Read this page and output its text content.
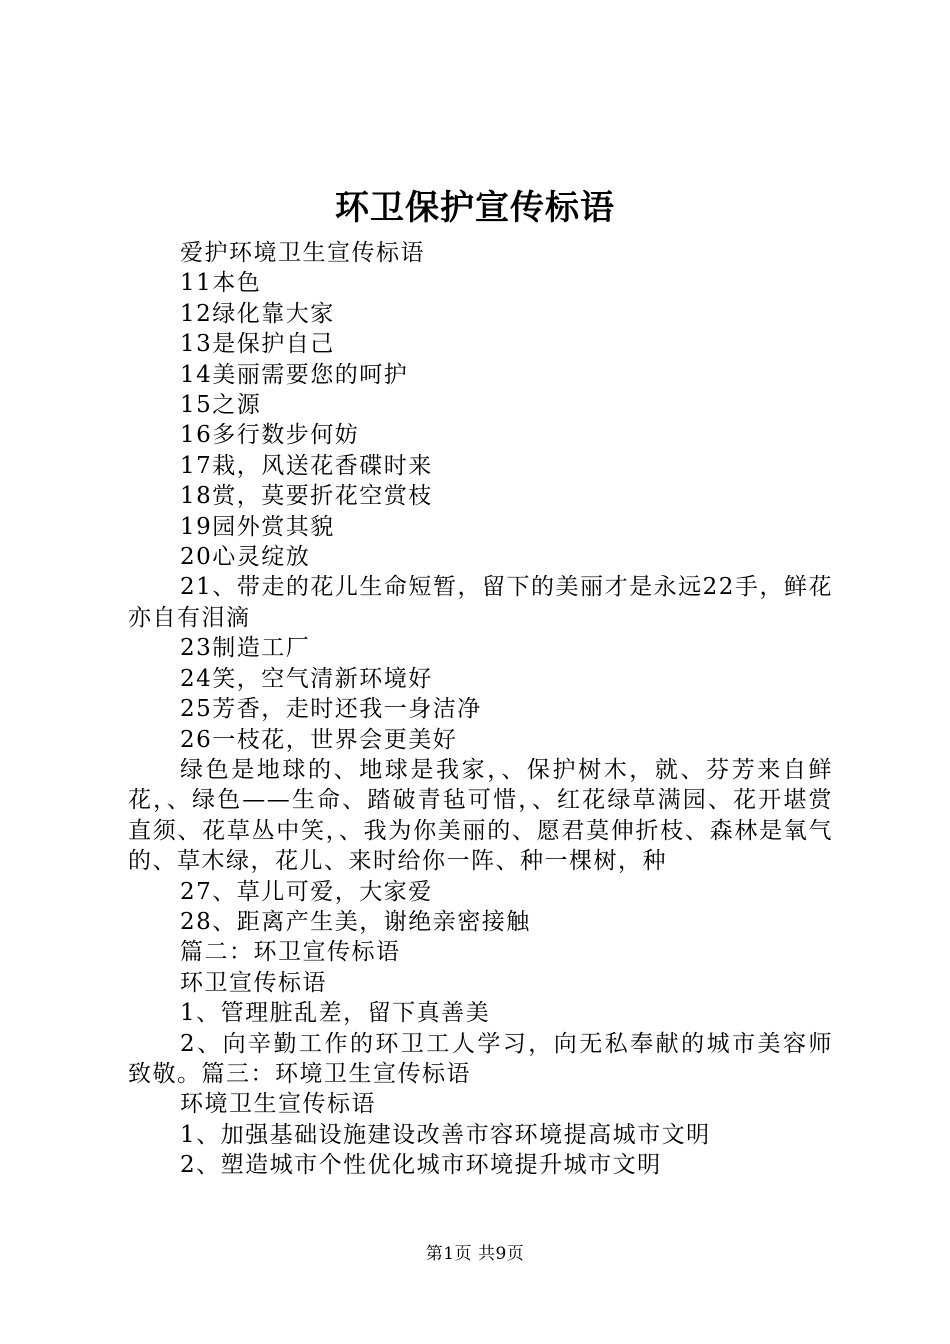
环卫保护宣传标语

爱护环境卫生宣传标语

11本色

12绿化靠大家

13是保护自己

14美丽需要您的呵护

15之源

16多行数步何妨

17栽，风送花香碟时来

18赏，莫要折花空赏枝

19园外赏其貌

20心灵绽放

21、带走的花儿生命短暂，留下的美丽才是永远22手，鲜花亦自有泪滴

23制造工厂

24笑，空气清新环境好

25芳香，走时还我一身洁净

26一枝花，世界会更美好

绿色是地球的、地球是我家，、保护树木，就、芬芳来自鲜花，、绿色——生命、踏破青毡可惜，、红花绿草满园、花开堪赏直须、花草丛中笑，、我为你美丽的、愿君莫伸折枝、森林是氧气的、草木绿，花儿、来时给你一阵、种一棵树，种

27、草儿可爱，大家爱

28、距离产生美，谢绝亲密接触

篇二：环卫宣传标语

环卫宣传标语

1、管理脏乱差，留下真善美

2、向辛勤工作的环卫工人学习，向无私奉献的城市美容师致敬。篇三：环境卫生宣传标语

环境卫生宣传标语

1、加强基础设施建设改善市容环境提高城市文明

2、塑造城市个性优化城市环境提升城市文明

第1页 共9页
